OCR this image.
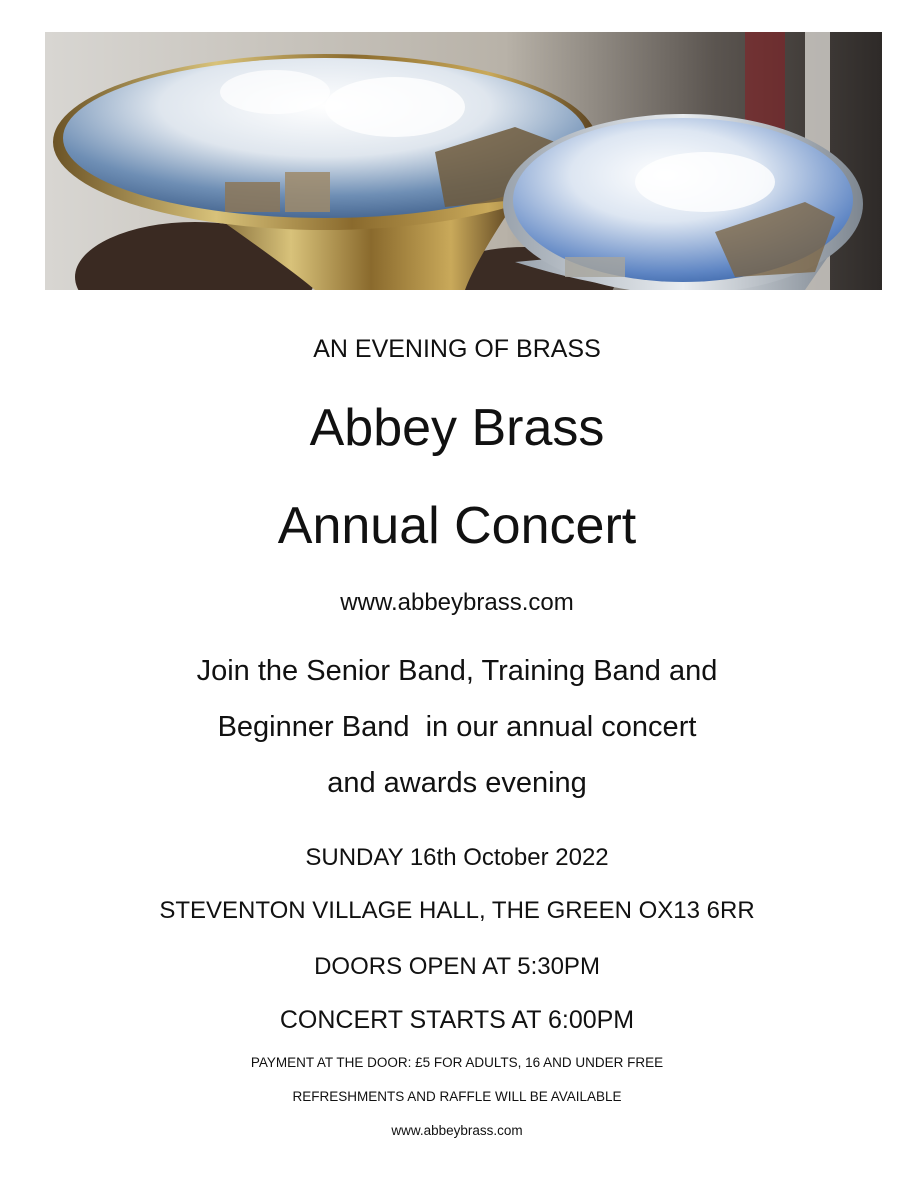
AN EVENING OF BRASS
Abbey Brass
Annual Concert
www.abbeybrass.com
Join the Senior Band, Training Band and
Beginner Band  in our annual concert
and awards evening
SUNDAY 16th October 2022
STEVENTON VILLAGE HALL, THE GREEN OX13 6RR
DOORS OPEN AT 5:30PM
CONCERT STARTS AT 6:00PM
PAYMENT AT THE DOOR: £5 FOR ADULTS, 16 AND UNDER FREE
REFRESHMENTS AND RAFFLE WILL BE AVAILABLE
www.abbeybrass.com
